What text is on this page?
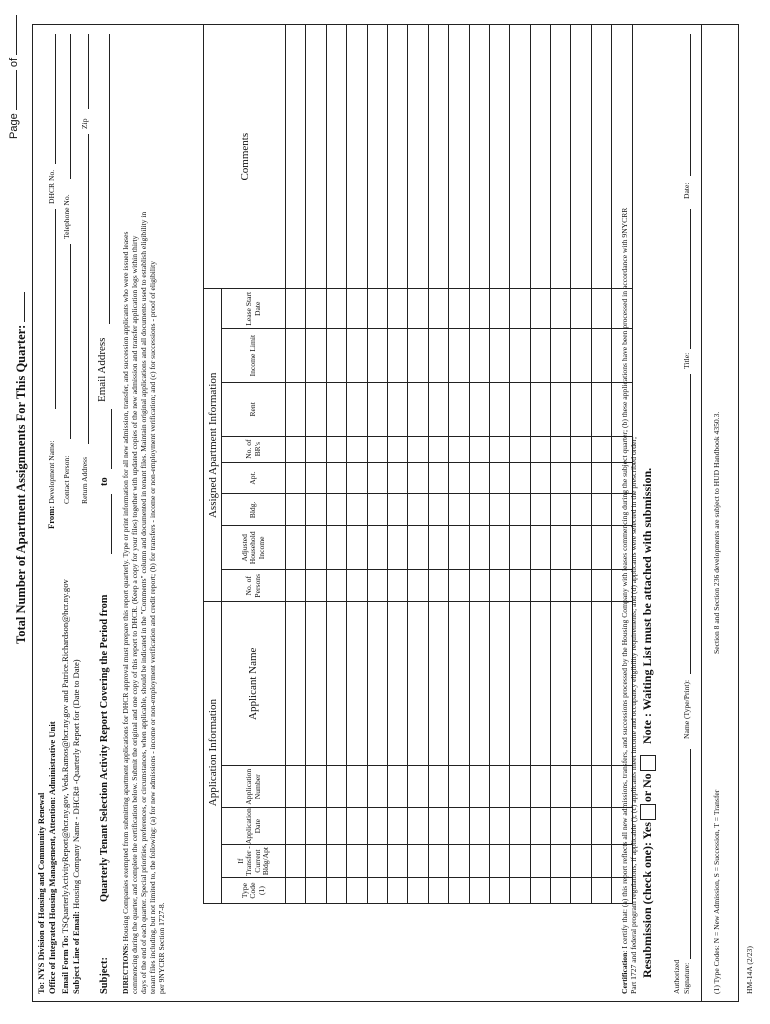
Page  of
Total Number of Apartment Assignments For This Quarter:
To: NYS Division of Housing and Community Renewal Office of Integrated Housing Management, Attention: Administrative Unit Email Form To: TSQuarterlyActivityReport@hcr.ny.gov, Veda.Ramos@hcr.ny.gov and Patrice.Richardson@hcr.ny.gov
Subject Line of Email: Housing Company Name - DHCR# -Quarterly Report for (Date to Date)
From: Development Name:
DHCR No.
Contact Person:
Telephone No.
Return Address
Zip
Subject:
Quarterly Tenant Selection Activity Report Covering the Period from
to
Email Address
DIRECTIONS: Housing Companies exempted from submitting apartment applications for DHCR approval must prepare this report quarterly. Type or print information for all new admission, transfer, and succession applicants who were issued leases commencing during the quarter, and complete the certification below. Submit the original and one copy of this report to DHCR. (Keep a copy for your files) together with updated copies of the new admission and transfer application logs within thirty days of the end of each quarter. Special priorities, preferences, or circumstances, when applicable, should be indicated in the "Comments" column and documented in tenant files. Maintain original applications and all documents used to establish eligibility in tenant files including, but not limited to, the following: (a) for new admissions - income or non-employment verification and credit report; (b) for transfers - income or non-employment verification; and (c) for successions - proof of eligibility per 9NYCRR Section 1727-8.
Application Information					Assigned Apartment Information								Comments
Type Code (1)	If Transfer -Current Bldg/Apt	Application Date	Application Number	Applicant Name	No. of Persons	Adjusted Household Income	Bldg.	Apt.	No. of BR's	Rent	Income Limit	Lease Start Date	

Certification: I certify that: (a) this report reflects all new admissions, transfers, and successions processed by the Housing Company with leases commencing during the subject quarter; (b) these applications have been processed in accordance with 9NYCRR Part 1727 and federal program regulations, if applicable (); (c) applicants meet income and occupancy eligibility requirements; and (d) applicants were selected in the prescribed order; Resubmission (check one): Yesor No
Note : Waiting List must be attached with submission.
Authorized Signature:
Name (Type/Print):
Title:
Date:
(1) Type Codes: N = New Admission, S = Succession, T = Transfer
Section 8 and Section 236 developments are subject to HUD Handbook 4350.3.
HM-14A (2/23)
